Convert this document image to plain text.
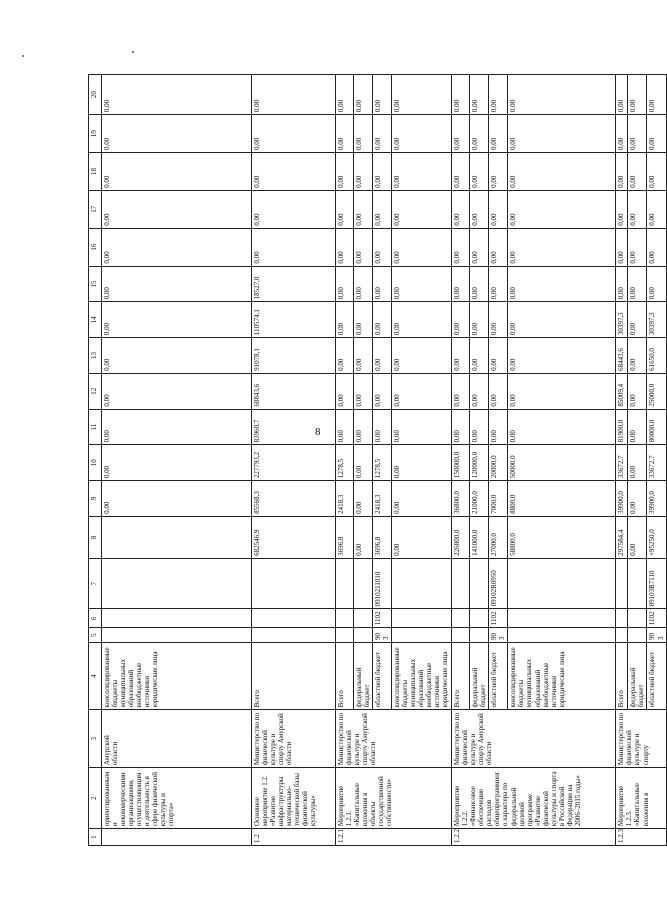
8
1	2	3	4	5	6	7	8	9	10	11	12	13	14	15	16	17	18	19	20
	ориентированными некоммерческими организациями, осуществляющими деятельность в сфере физической культуры и спорта»	Амурской области	консолидированные бюджеты муниципальных образований внебюджетные источники юридические лица					0,00	0,00	0,00	0,00	0,00	0,00	0,00	0,00	0,00	0,00	0,00	0,00
1.2	Основное мероприятие 1.2. «Развитие инфраструктуры материально-технической базы физической культуры»	Министерство по физической культуре и спорту Амурской области	Всего				682546,9	85568,3	227793,2	83960,7	68843,6	91078,1	110574,1	18527,0	0,00	0,00	0,00	0,00	0,00
1.2.1	Мероприятие 1.2.1. «Капитальные вложения в объекты государственной собственности»	Министерство по физической культуре и спорту Амурской области	Всего				3696,8	2418,3	1278,5	0,00	0,00	0,00	0,00	0,00	0,00	0,00	0,00	0,00	0,00
			федеральный бюджет				0,00	0,00	0,00	0,00	0,00	0,00	0,00	0,00	0,00	0,00	0,00	0,00	0,00
			областной бюджет	903	1102	0910211010	3696,8	2418,3	1278,5	0,00	0,00	0,00	0,00	0,00	0,00	0,00	0,00	0,00	0,00
			консолидированные бюджеты муниципальных образований внебюджетные источники юридические лица				0,00	0,00	0,00	0,00	0,00	0,00	0,00	0,00	0,00	0,00	0,00	0,00	0,00
1.2.2	Мероприятие 1.2.2. «Финансовое обеспечение расходов общепрограммного характера по федеральной целевой программе «Развитие физической культуры и спорта в Российской Федерации на 2006–2015 годы»	Министерство по физической культуре и спорту Амурской области	Всего				226800,0	36800,0	150000,0	0,00	0,00	0,00	0,00	0,00	0,00	0,00	0,00	0,00	0,00
			федеральный бюджет				141000,0	21000,0	120000,0	0,00	0,00	0,00	0,00	0,00	0,00	0,00	0,00	0,00	0,00
			областной бюджет	903	1102	09102R0950	27000,0	7000,0	20000,0	0,00	0,00	0,00	0,00	0,00	0,00	0,00	0,00	0,00	0,00
			консолидированные бюджеты муниципальных образований внебюджетные источники юридические лица				58800,0	8800,0	50000,0	0,00	0,00	0,00	0,00	0,00	0,00	0,00	0,00	0,00	0,00
1.2.3	Мероприятие 1.2.3. «Капитальные вложения в	Министерство по физической культуре и спорту	Всего				297584,4	39900,0	33672,7	81900,0	85009,4	68443,6	30397,3	0,00	0,00	0,00	0,00	0,00	0,00
			федеральный бюджет				0,00	0,00	0,00	0,00	0,00	0,00	0,00	0,00	0,00	0,00	0,00	0,00	0,00
			областной бюджет	903	1102	09103R7110	+95250,0	39900,0	33672,7	80000,0	25000,0	61650,0	30397,3	0,00	0,00	0,00	0,00	0,00	0,00
